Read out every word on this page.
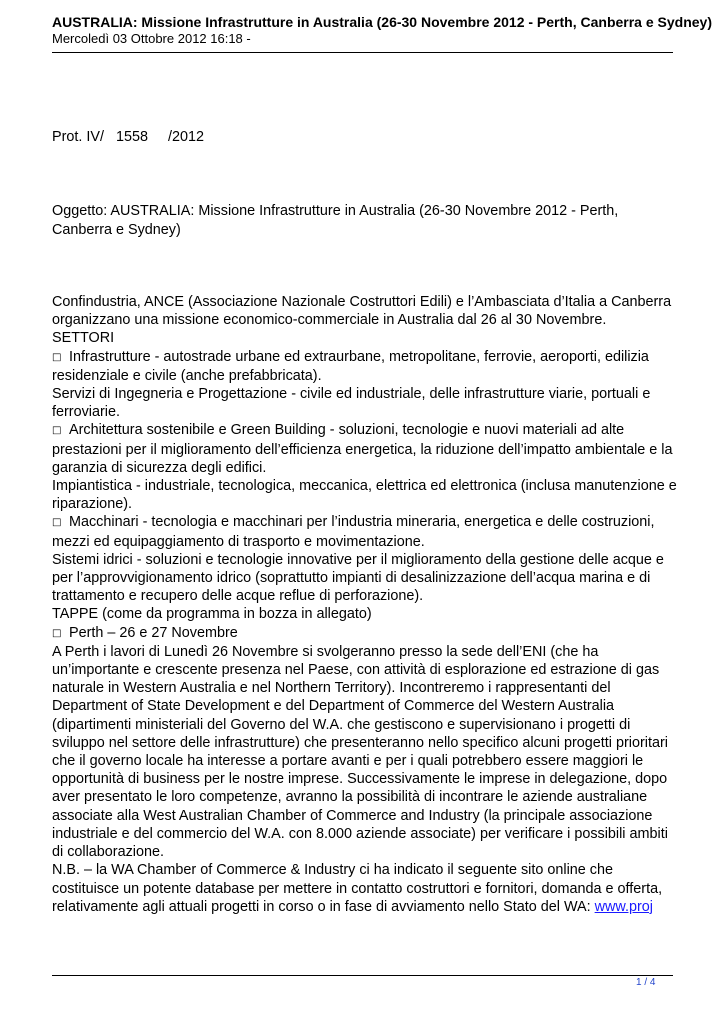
AUSTRALIA: Missione Infrastrutture in Australia (26-30 Novembre 2012 - Perth, Canberra e Sydney)
Mercoledì 03 Ottobre 2012 16:18 -
Prot. IV/   1558     /2012
Oggetto: AUSTRALIA: Missione Infrastrutture in Australia (26-30 Novembre 2012 - Perth, Canberra e Sydney)

Confindustria, ANCE (Associazione Nazionale Costruttori Edili) e l’Ambasciata d’Italia a Canberra organizzano una missione economico-commerciale in Australia dal 26 al 30 Novembre.

SETTORI

□ Infrastrutture - autostrade urbane ed extraurbane, metropolitane, ferrovie, aeroporti, edilizia residenziale e civile (anche prefabbricata).

Servizi di Ingegneria e Progettazione - civile ed industriale, delle infrastrutture viarie, portuali e ferroviarie.

□ Architettura sostenibile e Green Building - soluzioni, tecnologie e nuovi materiali ad alte prestazioni per il miglioramento dell’efficienza energetica, la riduzione dell’impatto ambientale e la garanzia di sicurezza degli edifici.

Impiantistica - industriale, tecnologica, meccanica, elettrica ed elettronica (inclusa manutenzione e riparazione).

□ Macchinari - tecnologia e macchinari per l’industria mineraria, energetica e delle costruzioni, mezzi ed equipaggiamento di trasporto e movimentazione.

Sistemi idrici - soluzioni e tecnologie innovative per il miglioramento della gestione delle acque e per l’approvvigionamento idrico (soprattutto impianti di desalinizzazione dell’acqua marina e di trattamento e recupero delle acque reflue di perforazione).

TAPPE (come da programma in bozza in allegato)

□ Perth – 26 e 27 Novembre

A Perth i lavori di Lunedì 26 Novembre si svolgeranno presso la sede dell’ENI (che ha un’importante e crescente presenza nel Paese, con attività di esplorazione ed estrazione di gas naturale in Western Australia e nel Northern Territory). Incontreremo i rappresentanti del Department of State Development e del Department of Commerce del Western Australia (dipartimenti ministeriali del Governo del W.A. che gestiscono e supervisionano i progetti di sviluppo nel settore delle infrastrutture) che presenteranno nello specifico alcuni progetti prioritari che il governo locale ha interesse a portare avanti e per i quali potrebbero essere maggiori le opportunità di business per le nostre imprese. Successivamente le imprese in delegazione, dopo aver presentato le loro competenze, avranno la possibilità di incontrare le aziende australiane associate alla West Australian Chamber of Commerce and Industry (la principale associazione industriale e del commercio del W.A. con 8.000 aziende associate) per verificare i possibili ambiti di collaborazione.

N.B. – la WA Chamber of Commerce & Industry ci ha indicato il seguente sito online che costituisce un potente database per mettere in contatto costruttori e fornitori, domanda e offerta, relativamente agli attuali progetti in corso o in fase di avviamento nello Stato del WA: www.proj

1 / 4
